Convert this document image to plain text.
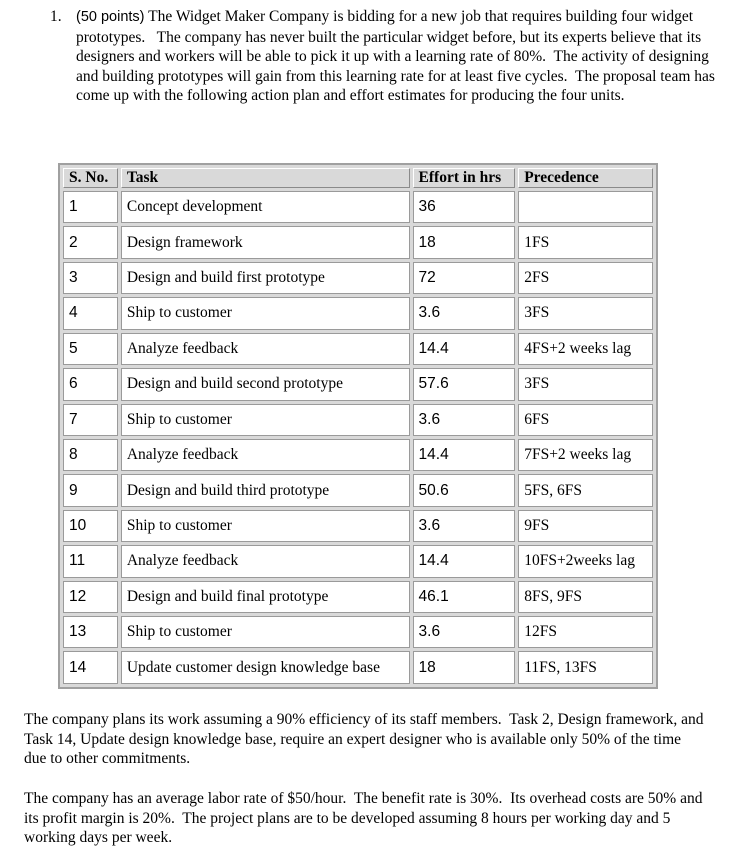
1. (50 points) The Widget Maker Company is bidding for a new job that requires building four widget prototypes.   The company has never built the particular widget before, but its experts believe that its designers and workers will be able to pick it up with a learning rate of 80%.  The activity of designing and building prototypes will gain from this learning rate for at least five cycles.  The proposal team has come up with the following action plan and effort estimates for producing the four units.
S. No.	Task	Effort in hrs	Precedence
1	Concept development	36	
2	Design framework	18	1FS
3	Design and build first prototype	72	2FS
4	Ship to customer	3.6	3FS
5	Analyze feedback	14.4	4FS+2 weeks lag
6	Design and build second prototype	57.6	3FS
7	Ship to customer	3.6	6FS
8	Analyze feedback	14.4	7FS+2 weeks lag
9	Design and build third prototype	50.6	5FS, 6FS
10	Ship to customer	3.6	9FS
11	Analyze feedback	14.4	10FS+2weeks lag
12	Design and build final prototype	46.1	8FS, 9FS
13	Ship to customer	3.6	12FS
14	Update customer design knowledge base	18	11FS, 13FS
The company plans its work assuming a 90% efficiency of its staff members.  Task 2, Design framework, and Task 14, Update design knowledge base, require an expert designer who is available only 50% of the time due to other commitments.
The company has an average labor rate of $50/hour.  The benefit rate is 30%.  Its overhead costs are 50% and its profit margin is 20%.  The project plans are to be developed assuming 8 hours per working day and 5 working days per week.
